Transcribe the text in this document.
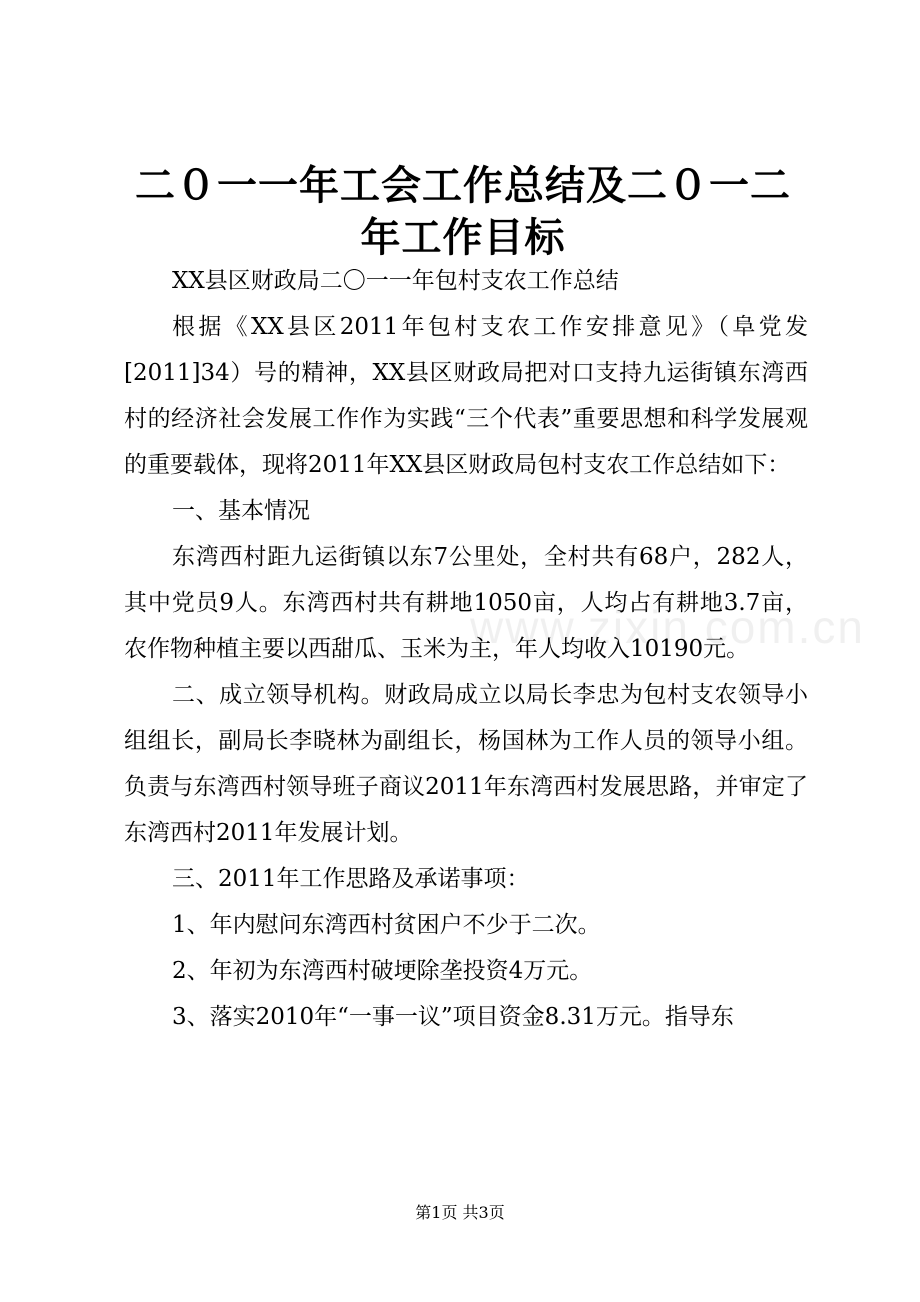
二０一一年工会工作总结及二０一二年工作目标

XX县区财政局二〇一一年包村支农工作总结

根据《XX县区2011年包村支农工作安排意见》（阜党发[2011]34）号的精神，XX县区财政局把对口支持九运街镇东湾西村的经济社会发展工作作为实践“三个代表”重要思想和科学发展观的重要载体，现将2011年XX县区财政局包村支农工作总结如下：

一、基本情况

东湾西村距九运街镇以东7公里处，全村共有68户，282人，其中党员9人。东湾西村共有耕地1050亩，人均占有耕地3.7亩，农作物种植主要以西甜瓜、玉米为主，年人均收入10190元。

二、成立领导机构。财政局成立以局长李忠为包村支农领导小组组长，副局长李晓林为副组长，杨国林为工作人员的领导小组。负责与东湾西村领导班子商议2011年东湾西村发展思路，并审定了东湾西村2011年发展计划。

三、2011年工作思路及承诺事项：

1、年内慰问东湾西村贫困户不少于二次。

2、年初为东湾西村破埂除垄投资4万元。

3、落实2010年“一事一议”项目资金8.31万元。指导东

www.zixin.com.cn
第1页 共3页
